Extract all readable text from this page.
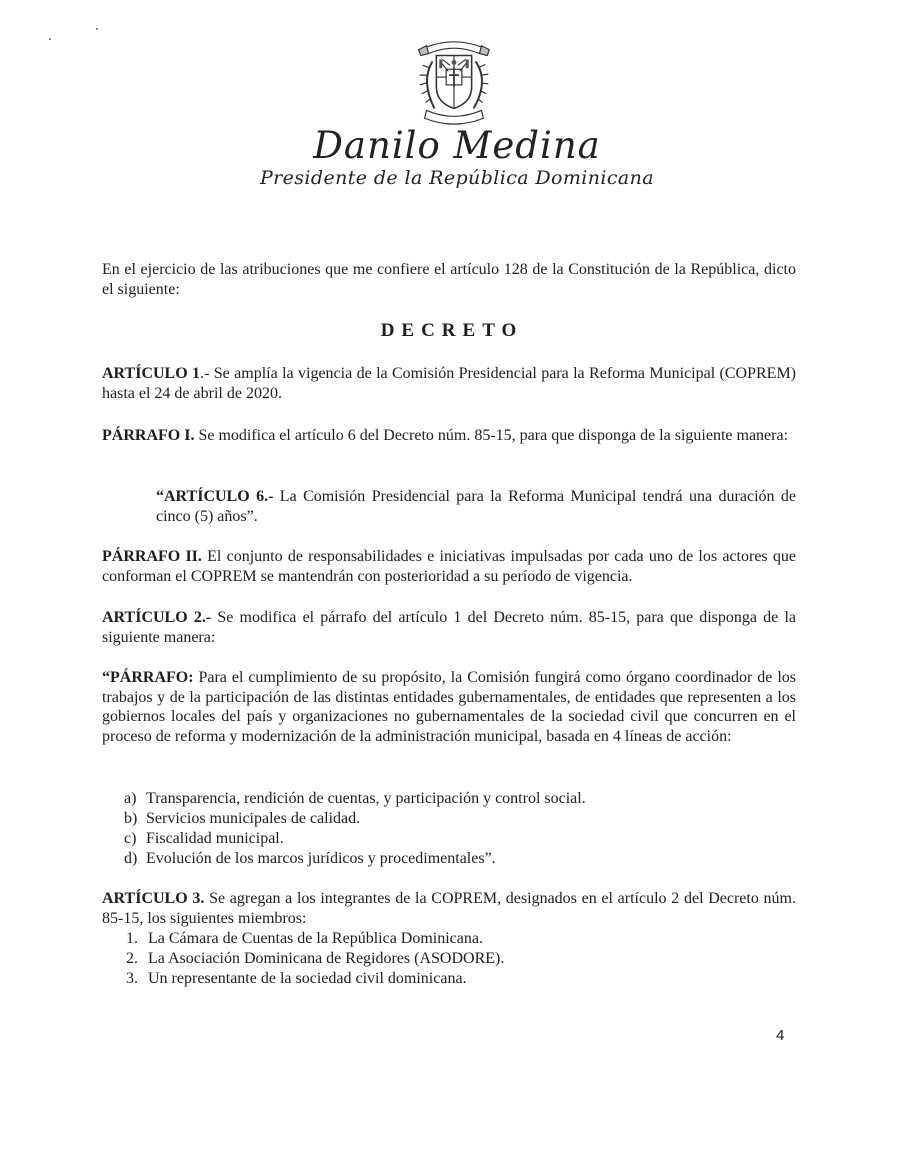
Danilo Medina
Presidente de la República Dominicana
En el ejercicio de las atribuciones que me confiere el artículo 128 de la Constitución de la República, dicto el siguiente:
DECRETO
ARTÍCULO 1.- Se amplía la vigencia de la Comisión Presidencial para la Reforma Municipal (COPREM) hasta el 24 de abril de 2020.
PÁRRAFO I. Se modifica el artículo 6 del Decreto núm. 85-15, para que disponga de la siguiente manera:
“ARTÍCULO 6.- La Comisión Presidencial para la Reforma Municipal tendrá una duración de cinco (5) años”.
PÁRRAFO II. El conjunto de responsabilidades e iniciativas impulsadas por cada uno de los actores que conforman el COPREM se mantendrán con posterioridad a su período de vigencia.
ARTÍCULO 2.- Se modifica el párrafo del artículo 1 del Decreto núm. 85-15, para que disponga de la siguiente manera:
“PÁRRAFO: Para el cumplimiento de su propósito, la Comisión fungirá como órgano coordinador de los trabajos y de la participación de las distintas entidades gubernamentales, de entidades que representen a los gobiernos locales del país y organizaciones no gubernamentales de la sociedad civil que concurren en el proceso de reforma y modernización de la administración municipal, basada en 4 líneas de acción:
a) Transparencia, rendición de cuentas, y participación y control social.
b) Servicios municipales de calidad.
c) Fiscalidad municipal.
d) Evolución de los marcos jurídicos y procedimentales”.
ARTÍCULO 3. Se agregan a los integrantes de la COPREM, designados en el artículo 2 del Decreto núm. 85-15, los siguientes miembros:
1. La Cámara de Cuentas de la República Dominicana.
2. La Asociación Dominicana de Regidores (ASODORE).
3. Un representante de la sociedad civil dominicana.
4
